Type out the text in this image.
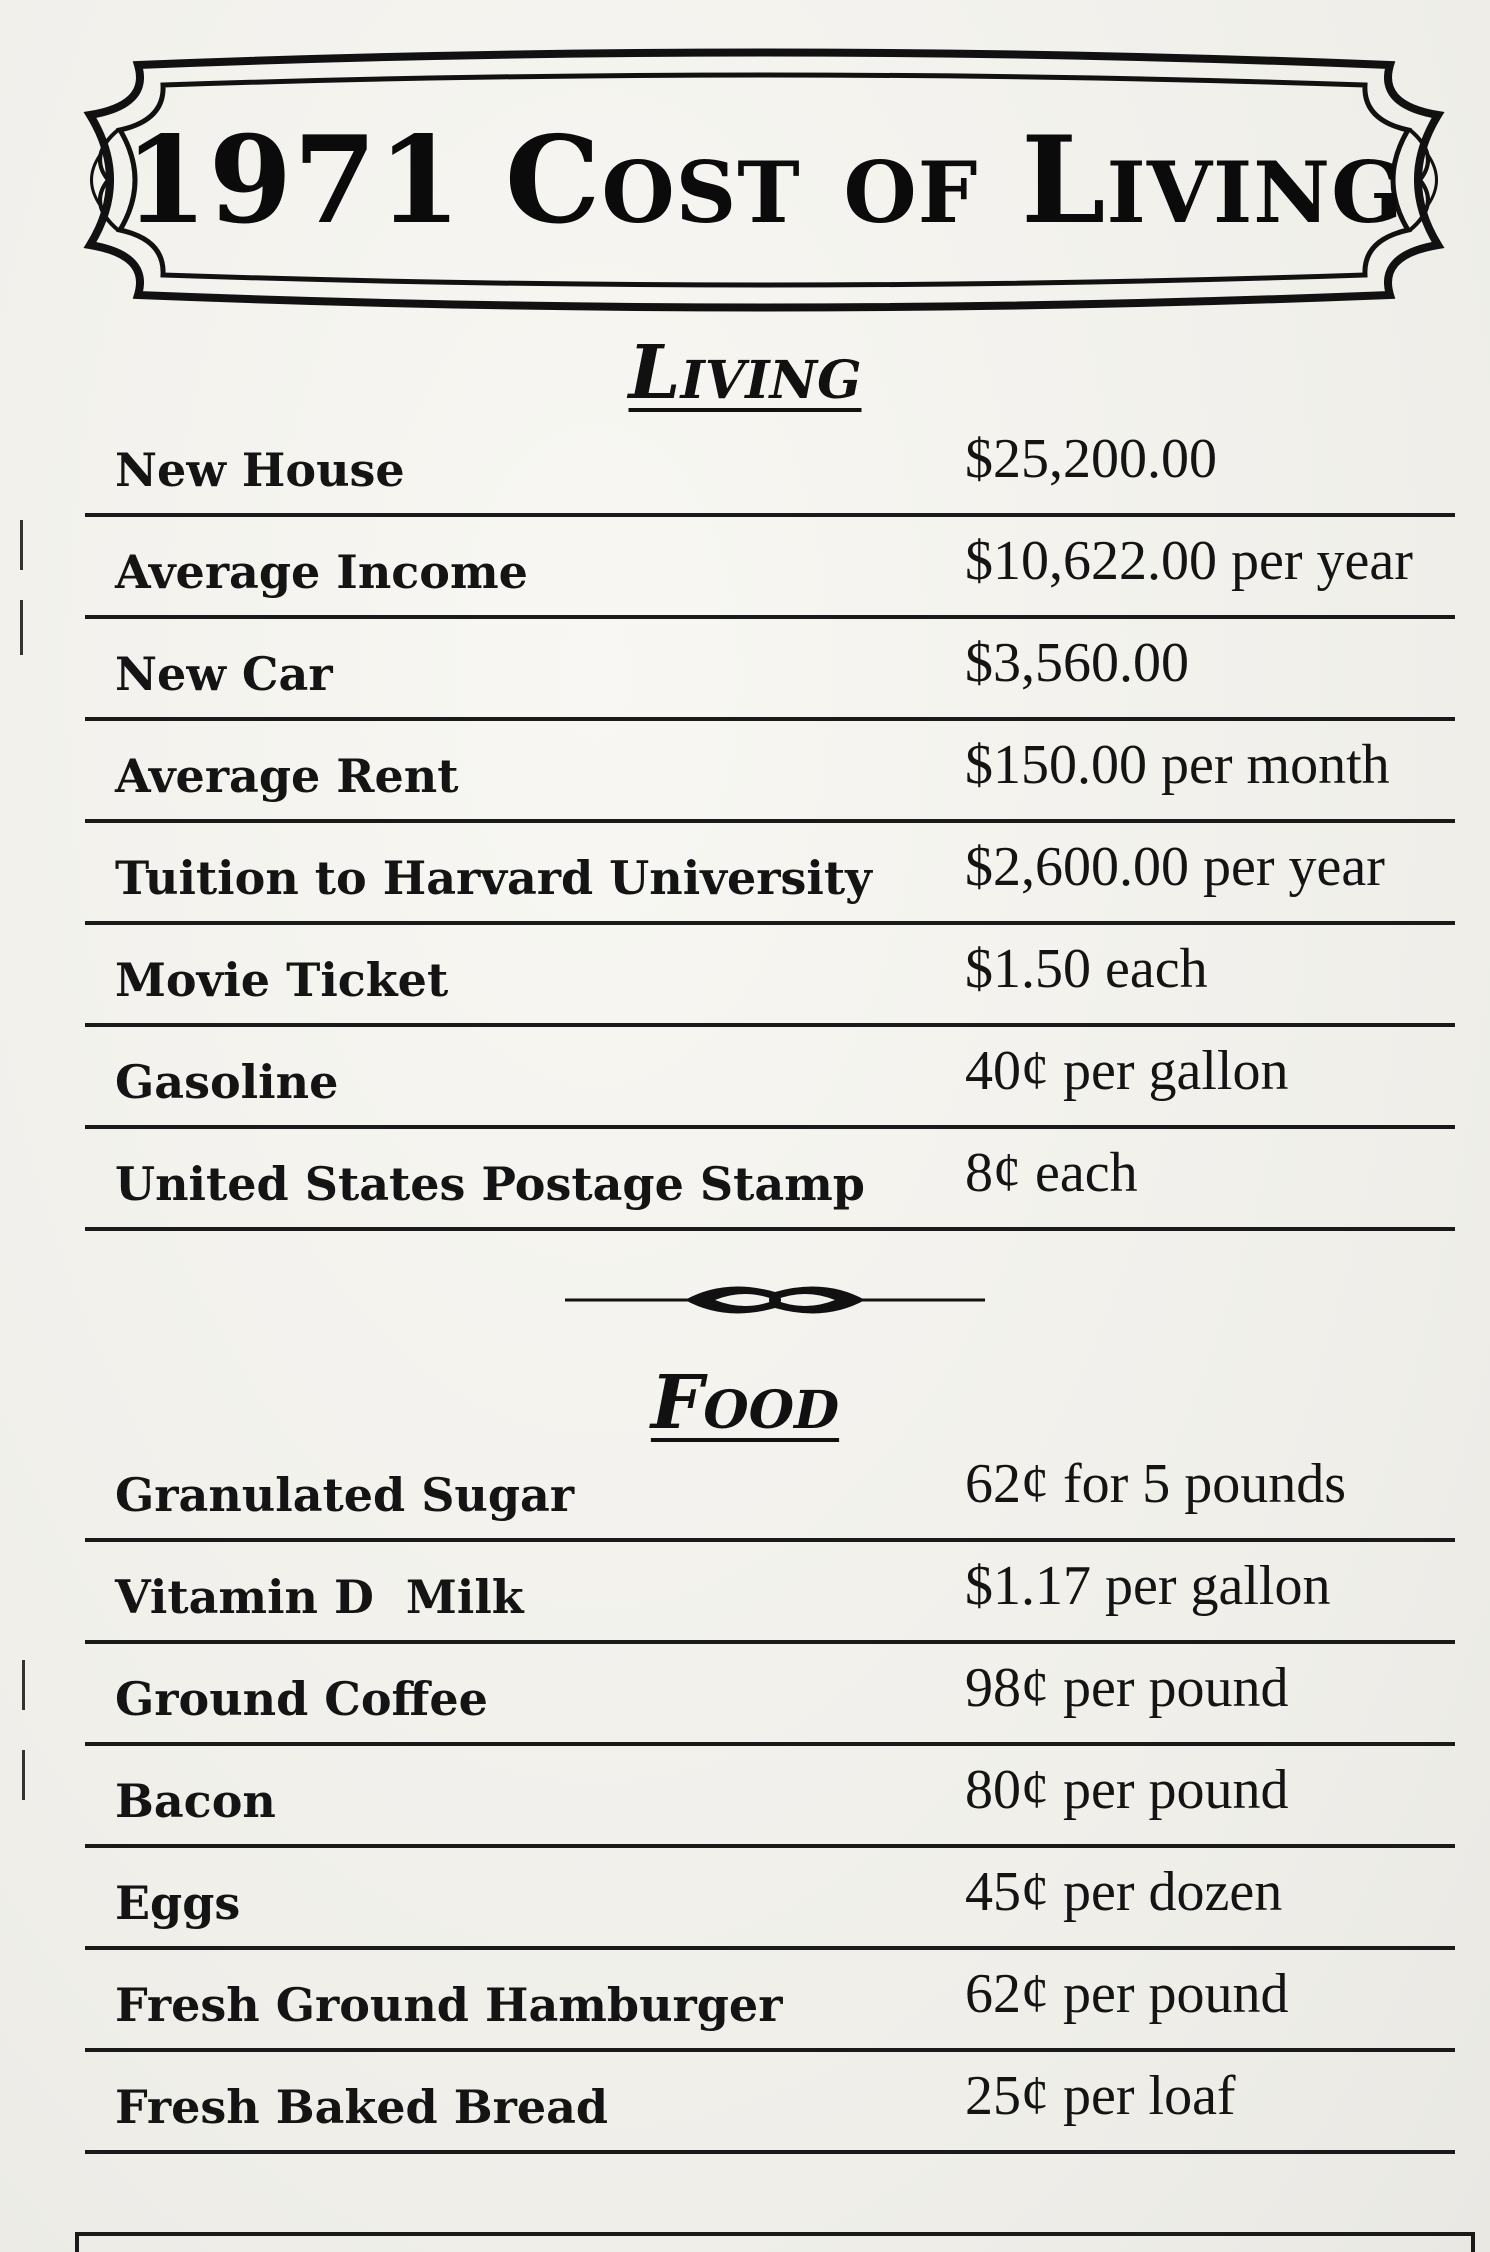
1971 Cost of Living
Living
New House	$25,200.00
Average Income	$10,622.00 per year
New Car	$3,560.00
Average Rent	$150.00 per month
Tuition to Harvard University $2,600.00 per year
Movie Ticket	$1.50 each
Gasoline	40¢ per gallon
United States Postage Stamp 8¢ each
Food
Granulated Sugar	62¢ for 5 pounds
Vitamin D  Milk	$1.17 per gallon
Ground Coffee	98¢ per pound
Bacon	80¢ per pound
Eggs	45¢ per dozen
Fresh Ground Hamburger	62¢ per pound
Fresh Baked Bread	25¢ per loaf
